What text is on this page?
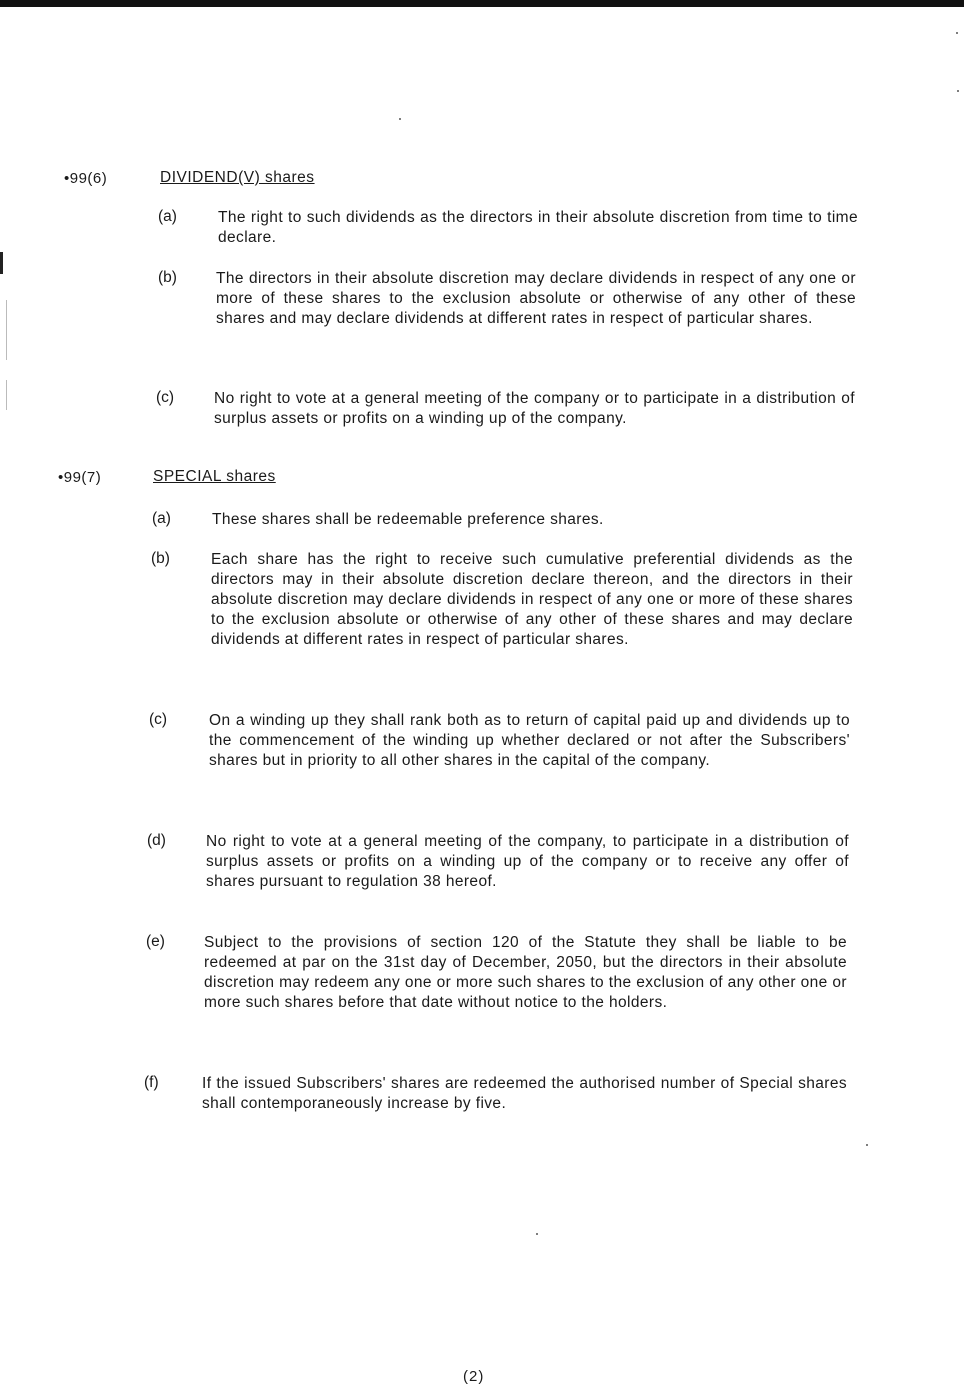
•99(6)	DIVIDEND(V) shares
(a)	The right to such dividends as the directors in their absolute discretion from time to time declare.

(b)	The directors in their absolute discretion may declare dividends in respect of any one or more of these shares to the exclusion absolute or otherwise of any other of these shares and may declare dividends at different rates in respect of particular shares.

(c)	No right to vote at a general meeting of the company or to participate in a distribution of surplus assets or profits on a winding up of the company.

•99(7)	SPECIAL shares
(a)	These shares shall be redeemable preference shares.

(b)	Each share has the right to receive such cumulative preferential dividends as the directors may in their absolute discretion declare thereon, and the directors in their absolute discretion may declare dividends in respect of any one or more of these shares to the exclusion absolute or otherwise of any other of these shares and may declare dividends at different rates in respect of particular shares.

(c)	On a winding up they shall rank both as to return of capital paid up and dividends up to the commencement of the winding up whether declared or not after the Subscribers' shares but in priority to all other shares in the capital of the company.

(d)	No right to vote at a general meeting of the company, to participate in a distribution of surplus assets or profits on a winding up of the company or to receive any offer of shares pursuant to regulation 38 hereof.

(e)	Subject to the provisions of section 120 of the Statute they shall be liable to be redeemed at par on the 31st day of December, 2050, but the directors in their absolute discretion may redeem any one or more such shares to the exclusion of any other one or more such shares before that date without notice to the holders.

(f)	If the issued Subscribers' shares are redeemed the authorised number of Special shares shall contemporaneously increase by five.

(2)
